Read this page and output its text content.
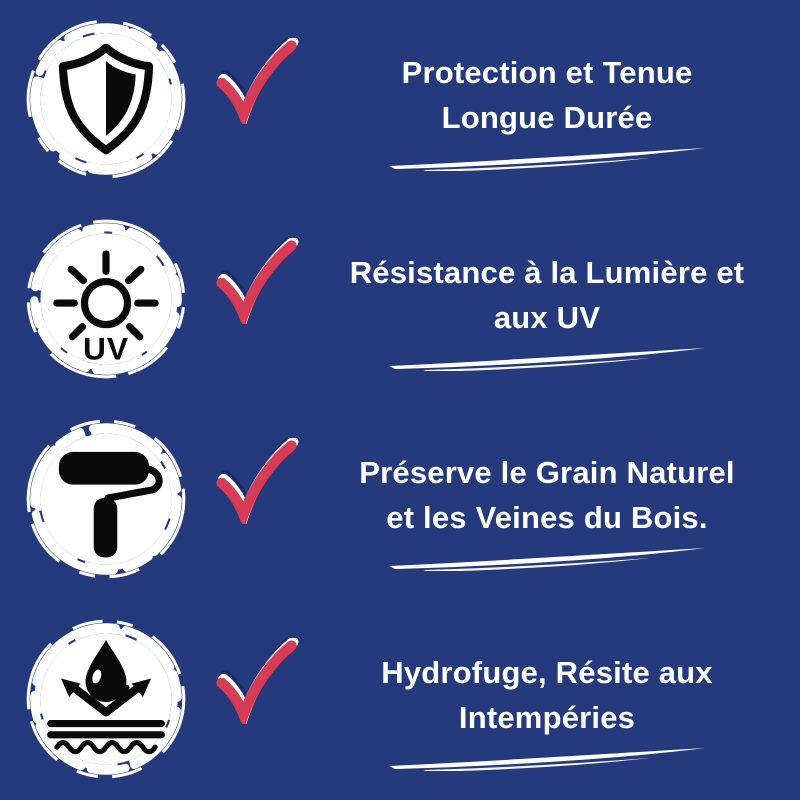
Protection et Tenue
Longue Durée
UV
Résistance à la Lumière et
aux UV
Préserve le Grain Naturel
et les Veines du Bois.
Hydrofuge, Résite aux
Intempéries
